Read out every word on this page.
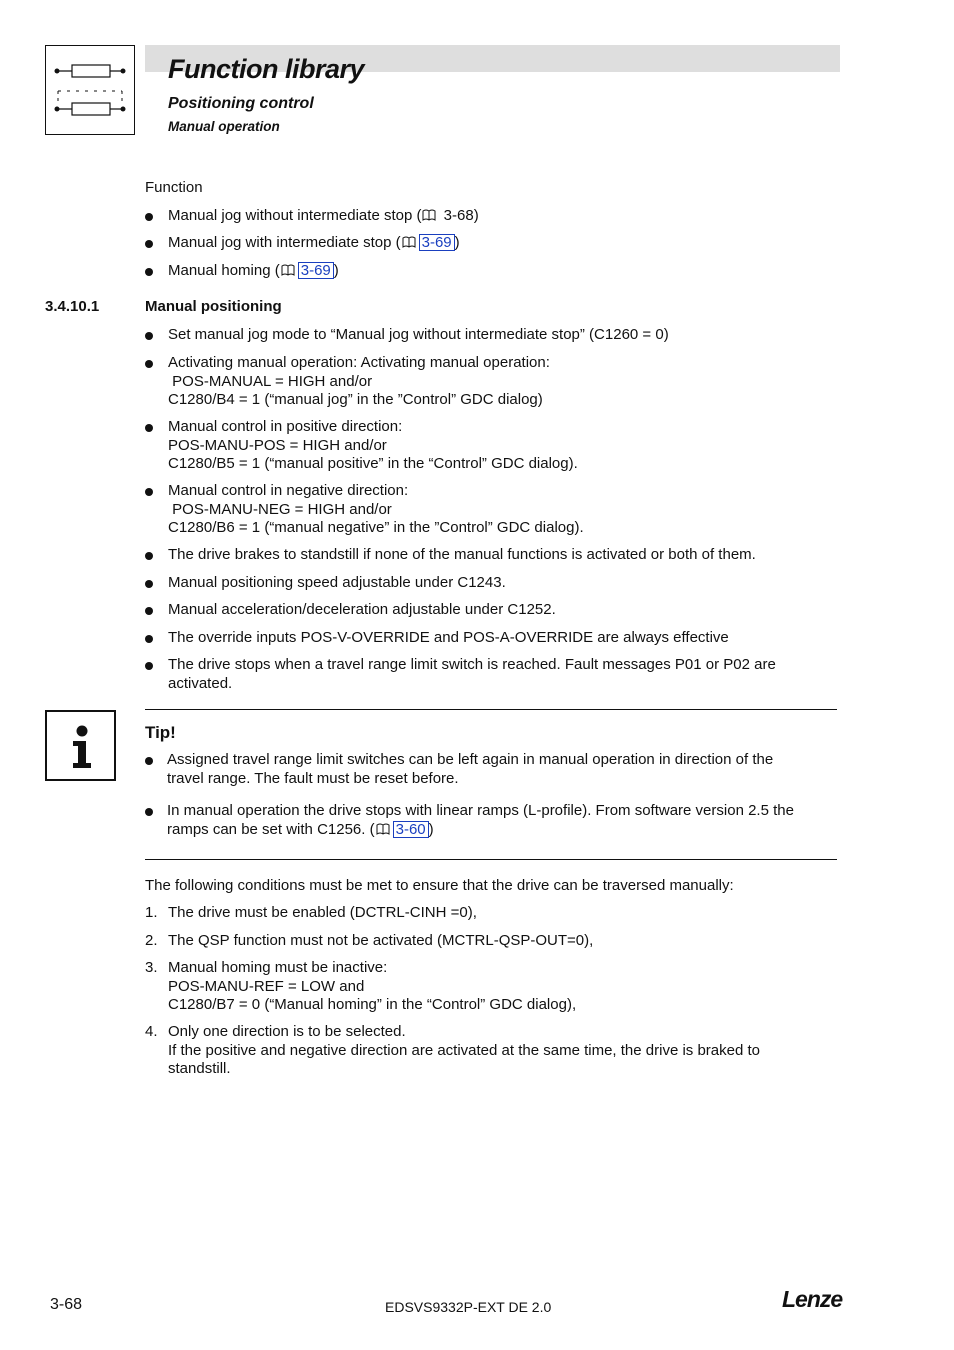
Function library
Positioning control
Manual operation
Function
Manual jog without intermediate stop ( 3-68)
Manual jog with intermediate stop ( 3-69 )
Manual homing ( 3-69 )
3.4.10.1	Manual positioning
Set manual jog mode to “Manual jog without intermediate stop” (C1260 = 0)
Activating manual operation: Activating manual operation:
POS-MANUAL = HIGH and/or
C1280/B4 = 1 (“manual jog” in the ”Control” GDC dialog)
Manual control in positive direction:
POS-MANU-POS = HIGH and/or
C1280/B5 = 1 (“manual positive” in the “Control” GDC dialog).
Manual control in negative direction:
POS-MANU-NEG = HIGH and/or
C1280/B6 = 1 (“manual negative” in the ”Control” GDC dialog).
The drive brakes to standstill if none of the manual functions is activated or both of them.
Manual positioning speed adjustable under C1243.
Manual acceleration/deceleration adjustable under C1252.
The override inputs POS-V-OVERRIDE and POS-A-OVERRIDE are always effective
The drive stops when a travel range limit switch is reached. Fault messages P01 or P02 are
activated.
Tip!
Assigned travel range limit switches can be left again in manual operation in direction of the
travel range. The fault must be reset before.
In manual operation the drive stops with linear ramps (L-profile). From software version 2.5 the
ramps can be set with C1256. ( 3-60 )
The following conditions must be met to ensure that the drive can be traversed manually:
1. The drive must be enabled (DCTRL-CINH =0),
2. The QSP function must not be activated (MCTRL-QSP-OUT=0),
3. Manual homing must be inactive:
POS-MANU-REF = LOW and
C1280/B7 = 0 (“Manual homing” in the “Control” GDC dialog),
4. Only one direction is to be selected.
If the positive and negative direction are activated at the same time, the drive is braked to
standstill.
3-68	EDSVS9332P-EXT DE 2.0	Lenze
